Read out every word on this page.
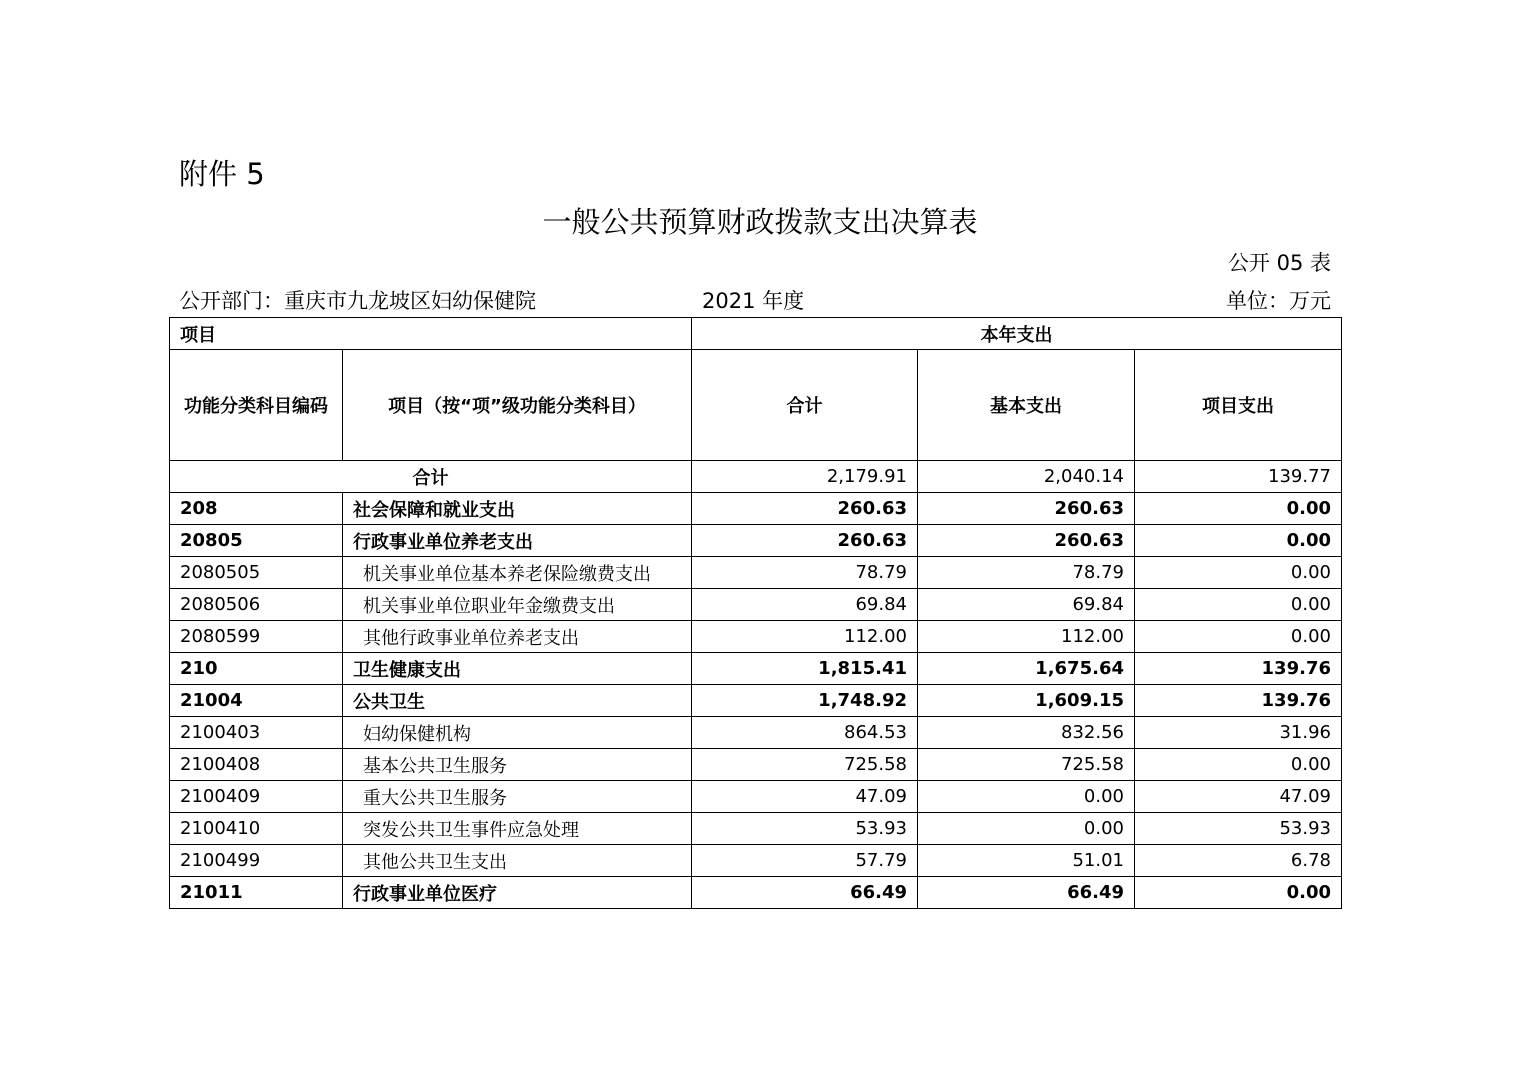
附件 5
一般公共预算财政拨款支出决算表
公开 05 表
公开部门：重庆市九龙坡区妇幼保健院	2021 年度	单位：万元
项目		本年支出		
功能分类科目编码	项目（按“项”级功能分类科目）	合计	基本支出	项目支出
合计		2,179.91	2,040.14	139.77
208	社会保障和就业支出	260.63	260.63	0.00
20805	行政事业单位养老支出	260.63	260.63	0.00
2080505	机关事业单位基本养老保险缴费支出	78.79	78.79	0.00
2080506	机关事业单位职业年金缴费支出	69.84	69.84	0.00
2080599	其他行政事业单位养老支出	112.00	112.00	0.00
210	卫生健康支出	1,815.41	1,675.64	139.76
21004	公共卫生	1,748.92	1,609.15	139.76
2100403	妇幼保健机构	864.53	832.56	31.96
2100408	基本公共卫生服务	725.58	725.58	0.00
2100409	重大公共卫生服务	47.09	0.00	47.09
2100410	突发公共卫生事件应急处理	53.93	0.00	53.93
2100499	其他公共卫生支出	57.79	51.01	6.78
21011	行政事业单位医疗	66.49	66.49	0.00
